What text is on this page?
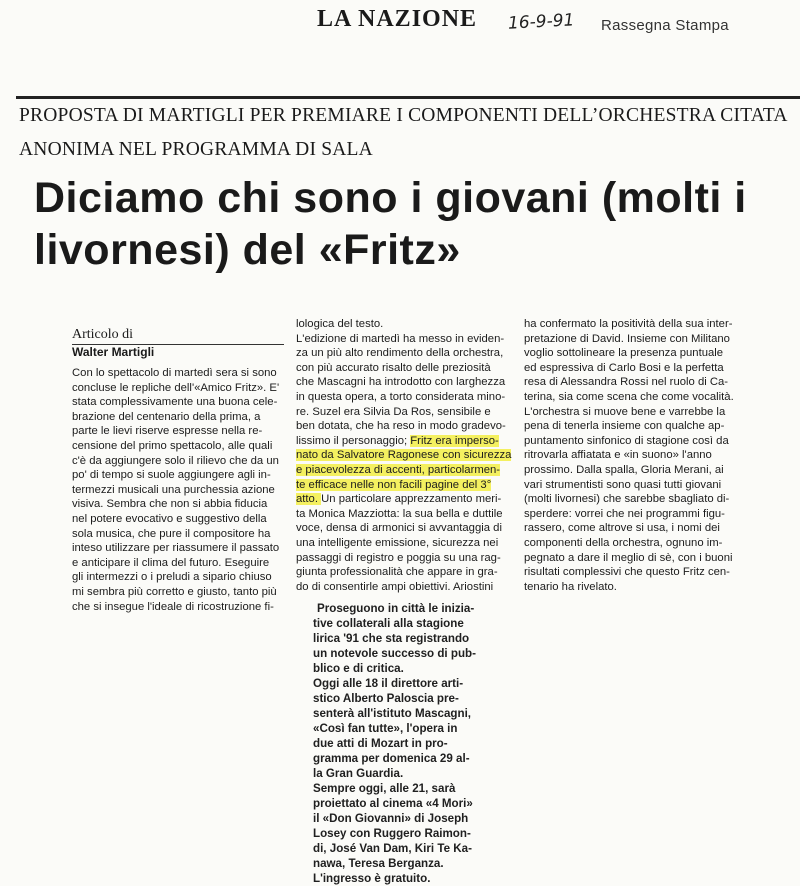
LA NAZIONE 16-9-91 Rassegna Stampa
PROPOSTA DI MARTIGLI PER PREMIARE I COMPONENTI DELL’ORCHESTRA CITATA
ANONIMA NEL PROGRAMMA DI SALA
Diciamo chi sono i giovani (molti i
livornesi) del «Fritz»
Articolo di
Walter Martigli
Con lo spettacolo di martedì sera si sono
concluse le repliche dell'«Amico Fritz». E'
stata complessivamente una buona cele-
brazione del centenario della prima, a
parte le lievi riserve espresse nella re-
censione del primo spettacolo, alle quali
c'è da aggiungere solo il rilievo che da un
po' di tempo si suole aggiungere agli in-
termezzi musicali una purchessia azione
visiva. Sembra che non si abbia fiducia
nel potere evocativo e suggestivo della
sola musica, che pure il compositore ha
inteso utilizzare per riassumere il passato
e anticipare il clima del futuro. Eseguire
gli intermezzi o i preludi a sipario chiuso
mi sembra più corretto e giusto, tanto più
che si insegue l'ideale di ricostruzione fi-
lologica del testo.
L'edizione di martedì ha messo in eviden-
za un più alto rendimento della orchestra,
con più accurato risalto delle preziosità
che Mascagni ha introdotto con larghezza
in questa opera, a torto considerata mino-
re. Suzel era Silvia Da Ros, sensibile e
ben dotata, che ha reso in modo gradevo-
lissimo il personaggio; Fritz era imperso-
nato da Salvatore Ragonese con sicurezza
e piacevolezza di accenti, particolarmen-
te efficace nelle non facili pagine del 3°
atto. Un particolare apprezzamento meri-
ta Monica Mazziotta: la sua bella e duttile
voce, densa di armonici si avvantaggia di
una intelligente emissione, sicurezza nei
passaggi di registro e poggia su una rag-
giunta professionalità che appare in gra-
do di consentirle ampi obiettivi. Ariostini
ha confermato la positività della sua inter-
pretazione di David. Insieme con Militano
voglio sottolineare la presenza puntuale
ed espressiva di Carlo Bosi e la perfetta
resa di Alessandra Rossi nel ruolo di Ca-
terina, sia come scena che come vocalità.
L'orchestra si muove bene e varrebbe la
pena di tenerla insieme con qualche ap-
puntamento sinfonico di stagione così da
ritrovarla affiatata e «in suono» l'anno
prossimo. Dalla spalla, Gloria Merani, ai
vari strumentisti sono quasi tutti giovani
(molti livornesi) che sarebbe sbagliato di-
sperdere: vorrei che nei programmi figu-
rassero, come altrove si usa, i nomi dei
componenti della orchestra, ognuno im-
pegnato a dare il meglio di sè, con i buoni
risultati complessivi che questo Fritz cen-
tenario ha rivelato.
Proseguono in città le inizia-
tive collaterali alla stagione
lirica '91 che sta registrando
un notevole successo di pub-
blico e di critica.
Oggi alle 18 il direttore arti-
stico Alberto Paloscia pre-
senterà all'istituto Mascagni,
«Così fan tutte», l'opera in
due atti di Mozart in pro-
gramma per domenica 29 al-
la Gran Guardia.
Sempre oggi, alle 21, sarà
proiettato al cinema «4 Mori»
il «Don Giovanni» di Joseph
Losey con Ruggero Raimon-
di, José Van Dam, Kiri Te Ka-
nawa, Teresa Berganza.
L'ingresso è gratuito.
